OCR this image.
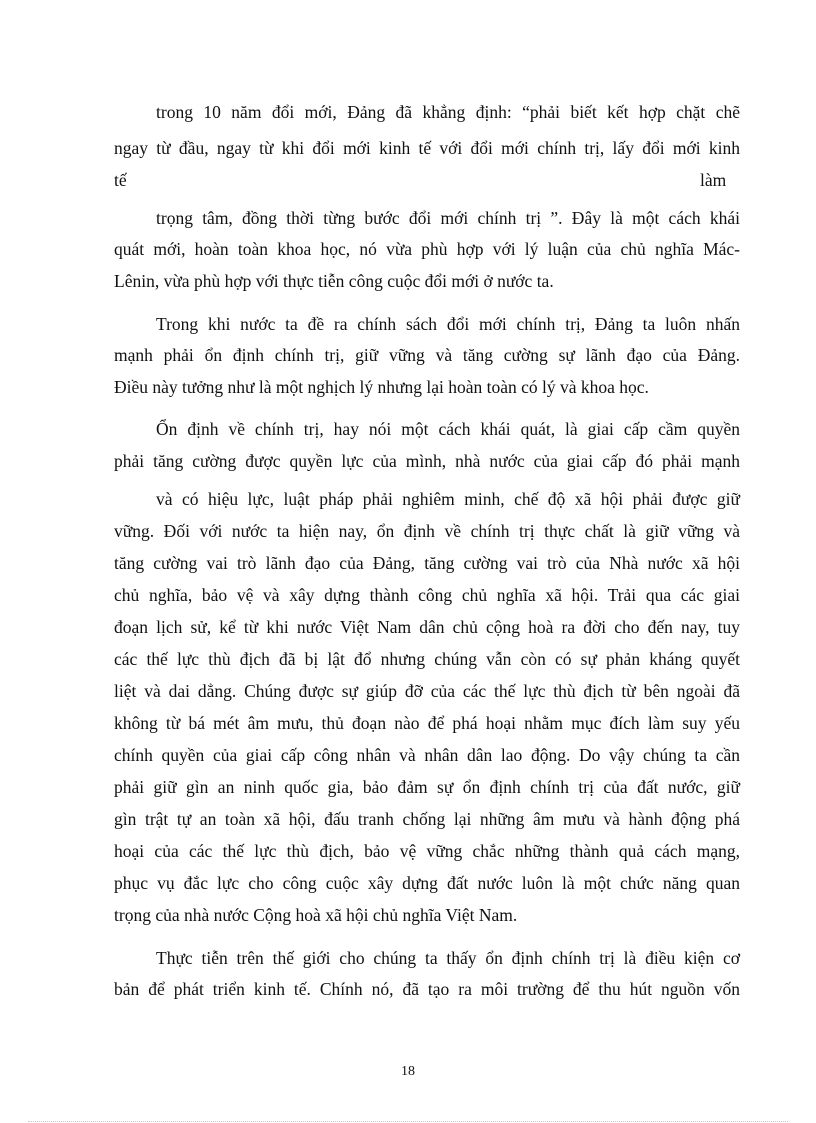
trong 10 năm đổi mới, Đảng đã khẳng định: “phải biết kết hợp chặt chẽ

ngay từ đầu, ngay từ khi đổi mới kinh tế với đổi mới chính trị, lấy đổi mới kinh

tế	làm

trọng tâm, đồng thời từng bước đổi mới chính trị ”. Đây là một cách khái

quát mới, hoàn toàn khoa học, nó vừa phù hợp với lý luận của chủ nghĩa Mác-

Lênin, vừa phù hợp với thực tiễn công cuộc đổi mới ở nước ta.

Trong khi nước ta đề ra chính sách đổi mới chính trị, Đảng ta luôn nhấn

mạnh phải ổn định chính trị, giữ vững và tăng cường sự lãnh đạo của Đảng.

Điều này tưởng như là một nghịch lý nhưng lại hoàn toàn có lý và khoa học.

Ổn định về chính trị, hay nói một cách khái quát, là giai cấp cầm quyền

phải tăng cường được quyền lực của mình, nhà nước của giai cấp đó phải mạnh

và có hiệu lực, luật pháp phải nghiêm minh, chế độ xã hội phải được giữ

vững. Đối với nước ta hiện nay, ổn định về chính trị thực chất là giữ vững và

tăng cường vai trò lãnh đạo của Đảng, tăng cường vai trò của Nhà nước xã hội

chủ nghĩa, bảo vệ và xây dựng thành công chủ nghĩa xã hội. Trải qua các giai

đoạn lịch sử, kể từ khi nước Việt Nam dân chủ cộng hoà ra đời cho đến nay, tuy

các thế lực thù địch đã bị lật đổ nhưng chúng vẫn còn có sự phản kháng quyết

liệt và dai dẳng. Chúng được sự giúp đỡ của các thế lực thù địch từ bên ngoài đã

không từ bá mét âm mưu, thủ đoạn nào để phá hoại nhằm mục đích làm suy yếu

chính quyền của giai cấp công nhân và nhân dân lao động. Do vậy chúng ta cần

phải giữ gìn an ninh quốc gia, bảo đảm sự ổn định chính trị của đất nước, giữ

gìn trật tự an toàn xã hội, đấu tranh chống lại những âm mưu và hành động phá

hoại của các thế lực thù địch, bảo vệ vững chắc những thành quả cách mạng,

phục vụ đắc lực cho công cuộc xây dựng đất nước luôn là một chức năng quan

trọng của nhà nước Cộng hoà xã hội chủ nghĩa Việt Nam.

Thực tiễn trên thế giới cho chúng ta thấy ổn định chính trị là điều kiện cơ

bản để phát triển kinh tế. Chính nó, đã tạo ra môi trường để thu hút nguồn vốn

18
